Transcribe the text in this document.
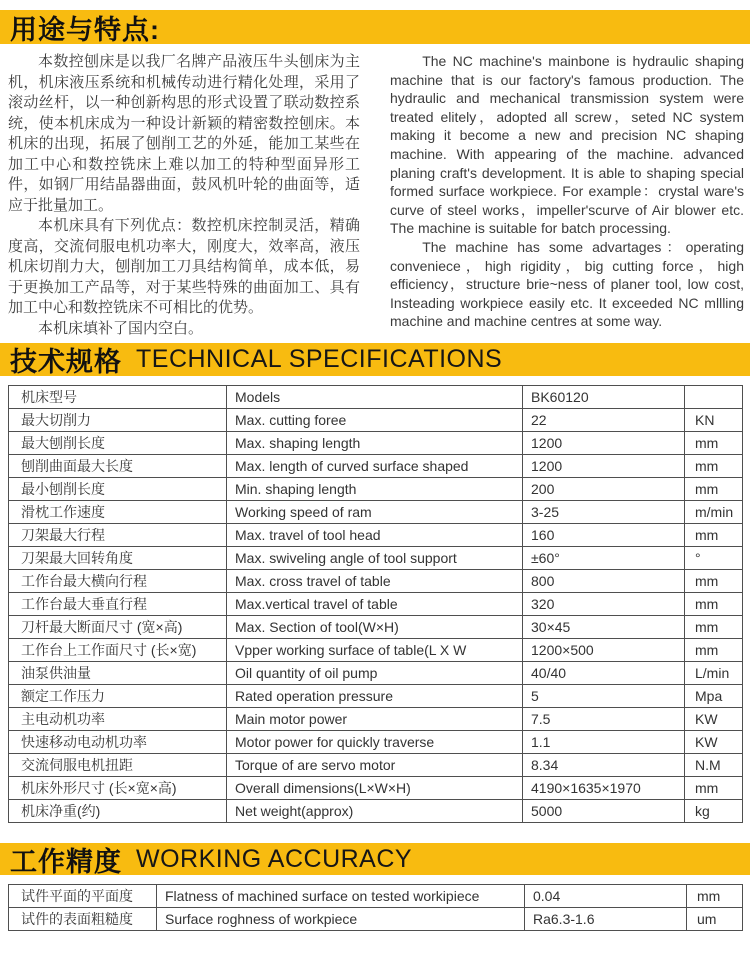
用途与特点:

本数控刨床是以我厂名牌产品液压牛头刨床为主机，机床液压系统和机械传动进行精化处理，采用了滚动丝杆，以一种创新构思的形式设置了联动数控系统，使本机床成为一种设计新颖的精密数控刨床。本机床的出现，拓展了刨削工艺的外延，能加工某些在加工中心和数控铣床上难以加工的特种型面异形工件，如钢厂用结晶器曲面，鼓风机叶轮的曲面等，适应于批量加工。

本机床具有下列优点：数控机床控制灵活，精确度高，交流伺服电机功率大，刚度大，效率高，液压机床切削力大，刨削加工刀具结构简单，成本低，易于更换加工产品等，对于某些特殊的曲面加工、具有加工中心和数控铣床不可相比的优势。

本机床填补了国内空白。

The NC machine's mainbone is hydraulic shaping machine that is our factory's famous production. The hydraulic and mechanical transmission system were treated elitely，adopted all screw，seted NC system making it become a new and precision NC shaping machine. With appearing of the machine. advanced planing craft's development. It is able to shaping special formed surface workpiece. For example：crystal ware's curve of steel works，impeller'scurve of Air blower etc. The machine is suitable for batch processing.

The machine has some advartages：operating conveniece，high rigidity，big cutting force，high efficiency，structure brie~ness of planer tool, low cost, Insteading workpiece easily etc. It exceeded NC mllling machine and machine centres at some way.

技术规格 TECHNICAL SPECIFICATIONS
机床型号	Models	BK60120	
最大切削力	Max. cutting foree	22	KN
最大刨削长度	Max. shaping length	1200	mm
刨削曲面最大长度	Max. length of curved surface shaped	1200	mm
最小刨削长度	Min. shaping length	200	mm
滑枕工作速度	Working speed of ram	3-25	m/min
刀架最大行程	Max. travel of tool head	160	mm
刀架最大回转角度	Max. swiveling angle of tool support	±60°	°
工作台最大横向行程	Max. cross travel of table	800	mm
工作台最大垂直行程	Max.vertical travel of table	320	mm
刀杆最大断面尺寸 (宽×高)	Max. Section of tool(W×H)	30×45	mm
工作台上工作面尺寸 (长×宽)	Vpper working surface of table(L X W	1200×500	mm
油泵供油量	Oil quantity of oil pump	40/40	L/min
额定工作压力	Rated operation pressure	5	Mpa
主电动机功率	Main motor power	7.5	KW
快速移动电动机功率	Motor power for quickly traverse	1.1	KW
交流伺服电机扭距	Torque of are servo motor	8.34	N.M
机床外形尺寸 (长×宽×高)	Overall dimensions(L×W×H)	4190×1635×1970	mm
机床净重(约)	Net weight(approx)	5000	kg
工作精度 WORKING ACCURACY
试件平面的平面度	Flatness of machined surface on tested workipiece	0.04	mm
试件的表面粗糙度	Surface roghness of workpiece	Ra6.3-1.6	um
